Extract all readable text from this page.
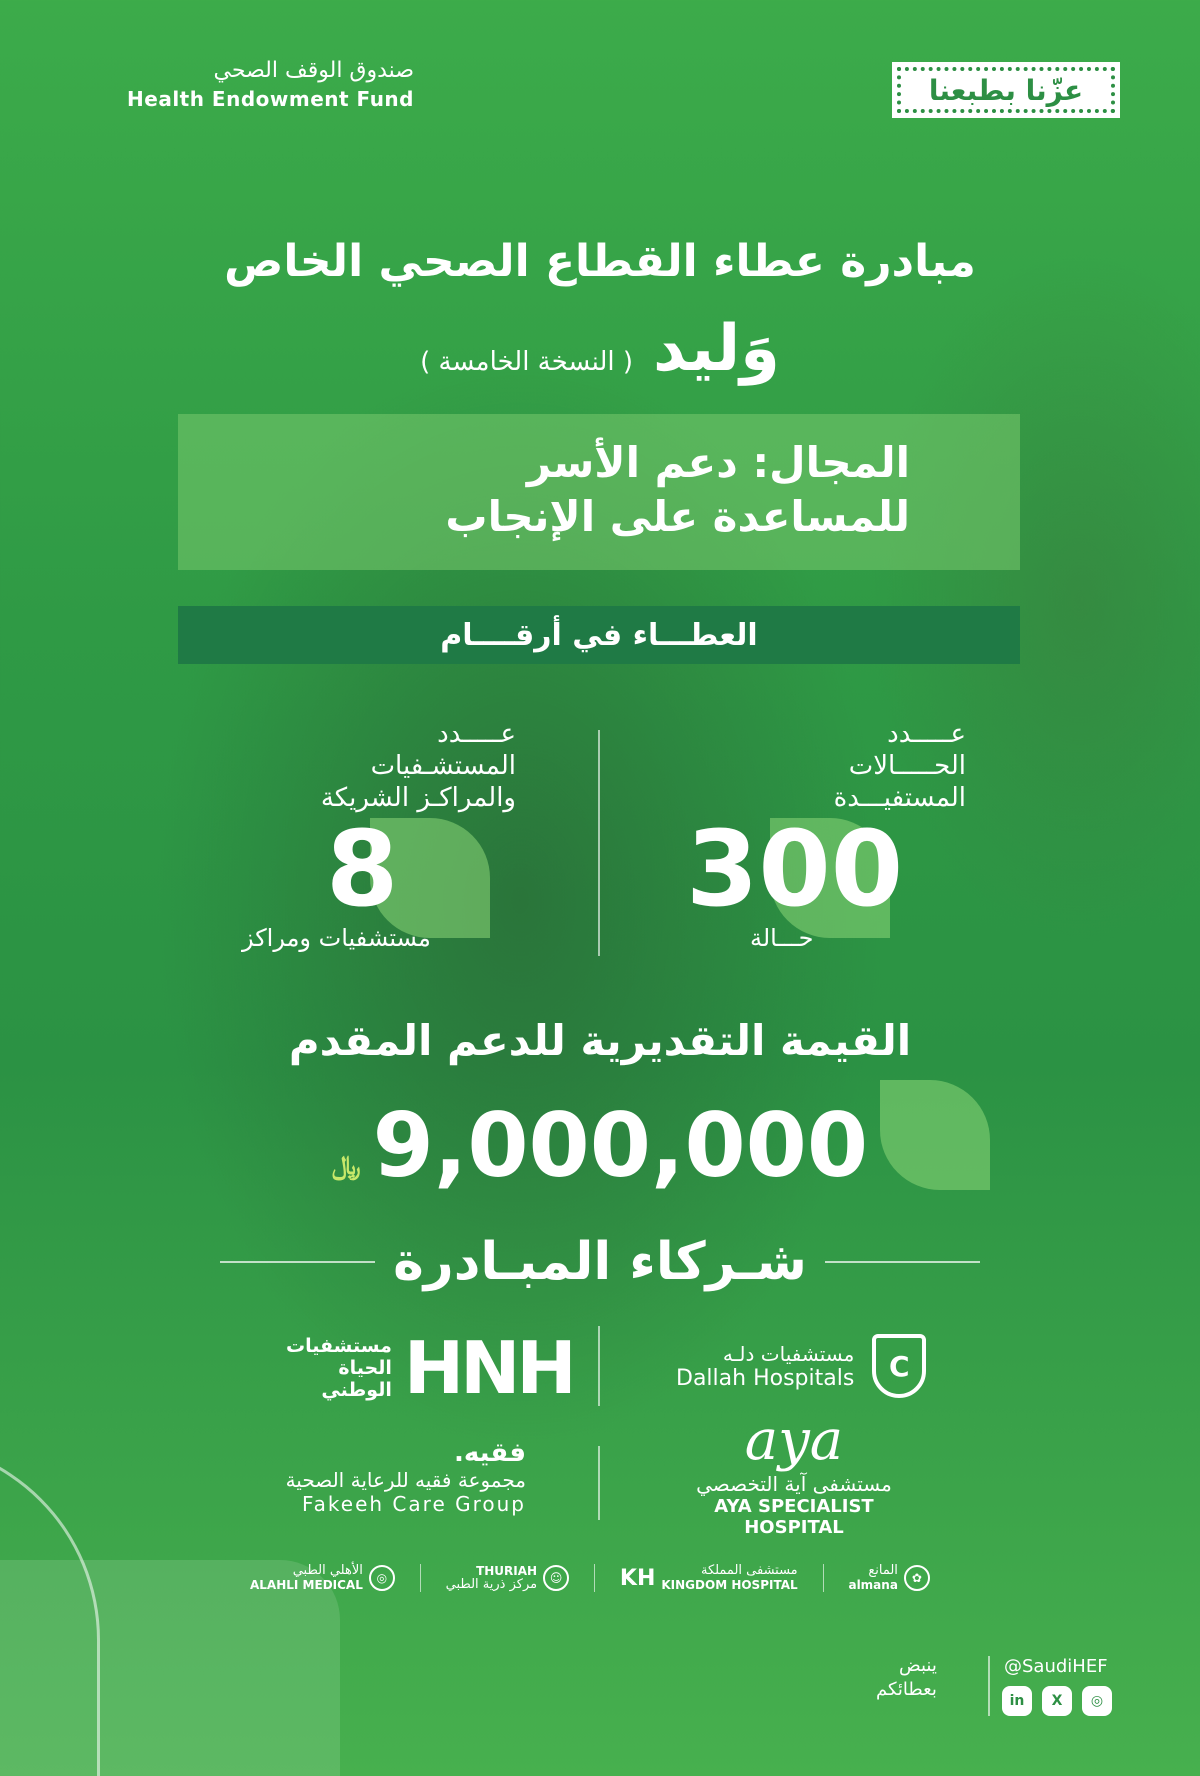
صندوق الوقف الصحي
Health Endowment Fund	عزّنا بطبعنا
مبادرة عطاء القطاع الصحي الخاص
وَليد
( النسخة الخامسة )
المجال: دعم الأسر
للمساعدة على الإنجاب
العطـــاء في أرقــــام
عـــــدد
الحـــــالات
المستفيـــدة
300
حـــالة
عـــــدد
المستشـفيات
والمراكـز الشريكة
8
مستشفيات ومراكز
القيمة التقديرية للدعم المقدم
﷼ 9,000,000
شـركاء المبـادرة
مستشفيات
الحياة
الوطني HNH	مستشفيات دلـه
Dallah Hospitals	C
فقيه.
مجموعة فقيه للرعاية الصحية
Fakeeh Care Group
aya
مستشفى آية التخصصي
AYA SPECIALIST HOSPITAL
الأهلي الطبي
ALAHLI MEDICAL	◎	THURIAH
مركز ذرية الطبي	☺	KH	مستشفى المملكة
KINGDOM HOSPITAL
المانع
almana	✿
ينبض
بعطائكم
@SaudiHEF
in	X	◎
